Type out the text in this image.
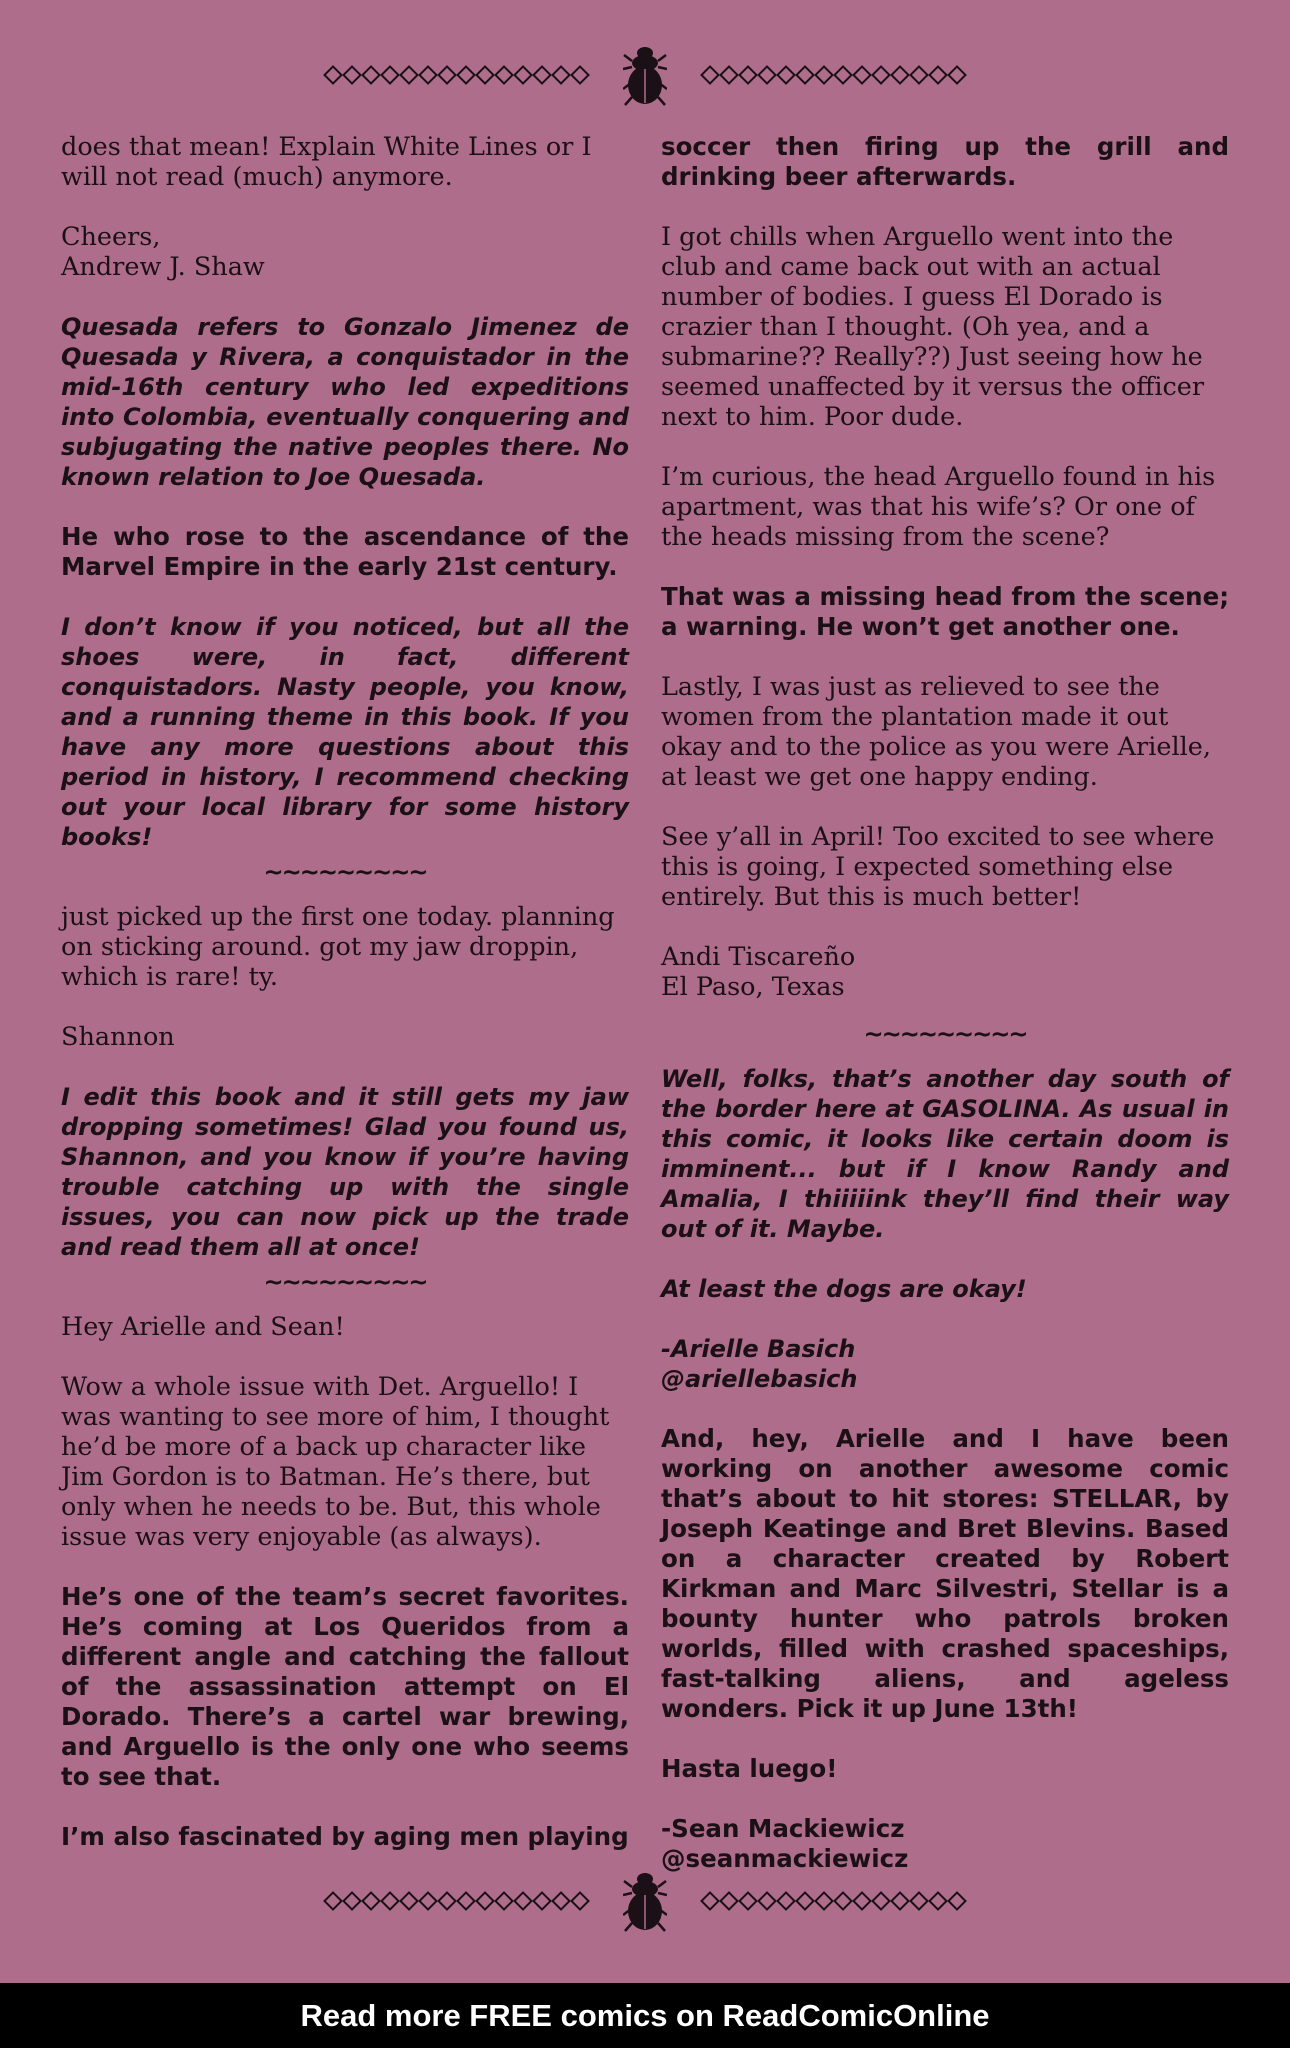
does that mean! Explain White Lines or I will not read (much) anymore.

Cheers,

Andrew J. Shaw

Quesada refers to Gonzalo Jimenez de Quesada y Rivera, a conquistador in the mid-16th century who led expeditions into Colombia, eventually conquering and subjugating the native peoples there. No known relation to Joe Quesada.

He who rose to the ascendance of the Marvel Empire in the early 21st century.

I don’t know if you noticed, but all the shoes were, in fact, different conquistadors. Nasty people, you know, and a running theme in this book. If you have any more questions about this period in history, I recommend checking out your local library for some history books!

~~~~~~~~~

just picked up the first one today. planning on sticking around. got my jaw droppin, which is rare! ty.

Shannon

I edit this book and it still gets my jaw dropping sometimes! Glad you found us, Shannon, and you know if you’re having trouble catching up with the single issues, you can now pick up the trade and read them all at once!

~~~~~~~~~

Hey Arielle and Sean!

Wow a whole issue with Det. Arguello! I was wanting to see more of him, I thought he’d be more of a back up character like Jim Gordon is to Batman. He’s there, but only when he needs to be. But, this whole issue was very enjoyable (as always).

He’s one of the team’s secret favorites. He’s coming at Los Queridos from a different angle and catching the fallout of the assassination attempt on El Dorado. There’s a cartel war brewing, and Arguello is the only one who seems to see that.

I’m also fascinated by aging men playing

soccer then firing up the grill and drinking beer afterwards.

I got chills when Arguello went into the club and came back out with an actual number of bodies. I guess El Dorado is crazier than I thought. (Oh yea, and a submarine?? Really??) Just seeing how he seemed unaffected by it versus the officer next to him. Poor dude.

I’m curious, the head Arguello found in his apartment, was that his wife’s? Or one of the heads missing from the scene?

That was a missing head from the scene; a warning. He won’t get another one.

Lastly, I was just as relieved to see the women from the plantation made it out okay and to the police as you were Arielle, at least we get one happy ending.

See y’all in April! Too excited to see where this is going, I expected something else entirely. But this is much better!

Andi Tiscareño

El Paso, Texas

~~~~~~~~~

Well, folks, that’s another day south of the border here at GASOLINA. As usual in this comic, it looks like certain doom is imminent... but if I know Randy and Amalia, I thiiiiink they’ll find their way out of it. Maybe.

At least the dogs are okay!

-Arielle Basich

@ariellebasich

And, hey, Arielle and I have been working on another awesome comic that’s about to hit stores: STELLAR, by Joseph Keatinge and Bret Blevins. Based on a character created by Robert Kirkman and Marc Silvestri, Stellar is a bounty hunter who patrols broken worlds, filled with crashed spaceships, fast-talking aliens, and ageless wonders. Pick it up June 13th!

Hasta luego!

-Sean Mackiewicz

@seanmackiewicz

Read more FREE comics on ReadComicOnline
